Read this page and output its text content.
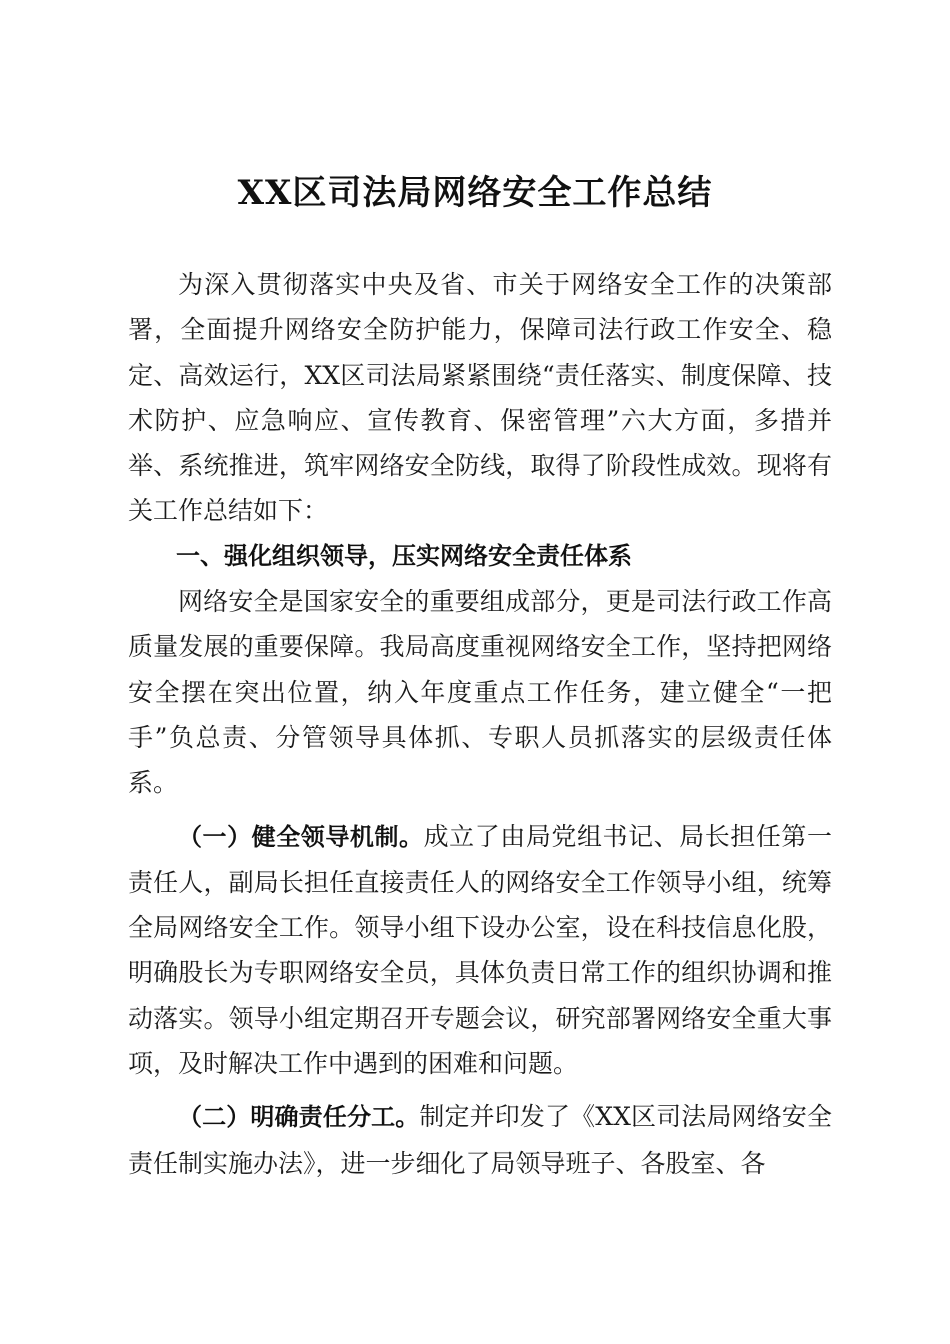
XX区司法局网络安全工作总结

为深入贯彻落实中央及省、市关于网络安全工作的决策部署，全面提升网络安全防护能力，保障司法行政工作安全、稳定、高效运行，XX区司法局紧紧围绕“责任落实、制度保障、技术防护、应急响应、宣传教育、保密管理”六大方面，多措并举、系统推进，筑牢网络安全防线，取得了阶段性成效。现将有关工作总结如下：

一、强化组织领导，压实网络安全责任体系

网络安全是国家安全的重要组成部分，更是司法行政工作高质量发展的重要保障。我局高度重视网络安全工作，坚持把网络安全摆在突出位置，纳入年度重点工作任务，建立健全“一把手”负总责、分管领导具体抓、专职人员抓落实的层级责任体系。

（一）健全领导机制。成立了由局党组书记、局长担任第一责任人，副局长担任直接责任人的网络安全工作领导小组，统筹全局网络安全工作。领导小组下设办公室，设在科技信息化股，明确股长为专职网络安全员，具体负责日常工作的组织协调和推动落实。领导小组定期召开专题会议，研究部署网络安全重大事项，及时解决工作中遇到的困难和问题。

（二）明确责任分工。制定并印发了《XX区司法局网络安全责任制实施办法》，进一步细化了局领导班子、各股室、各
